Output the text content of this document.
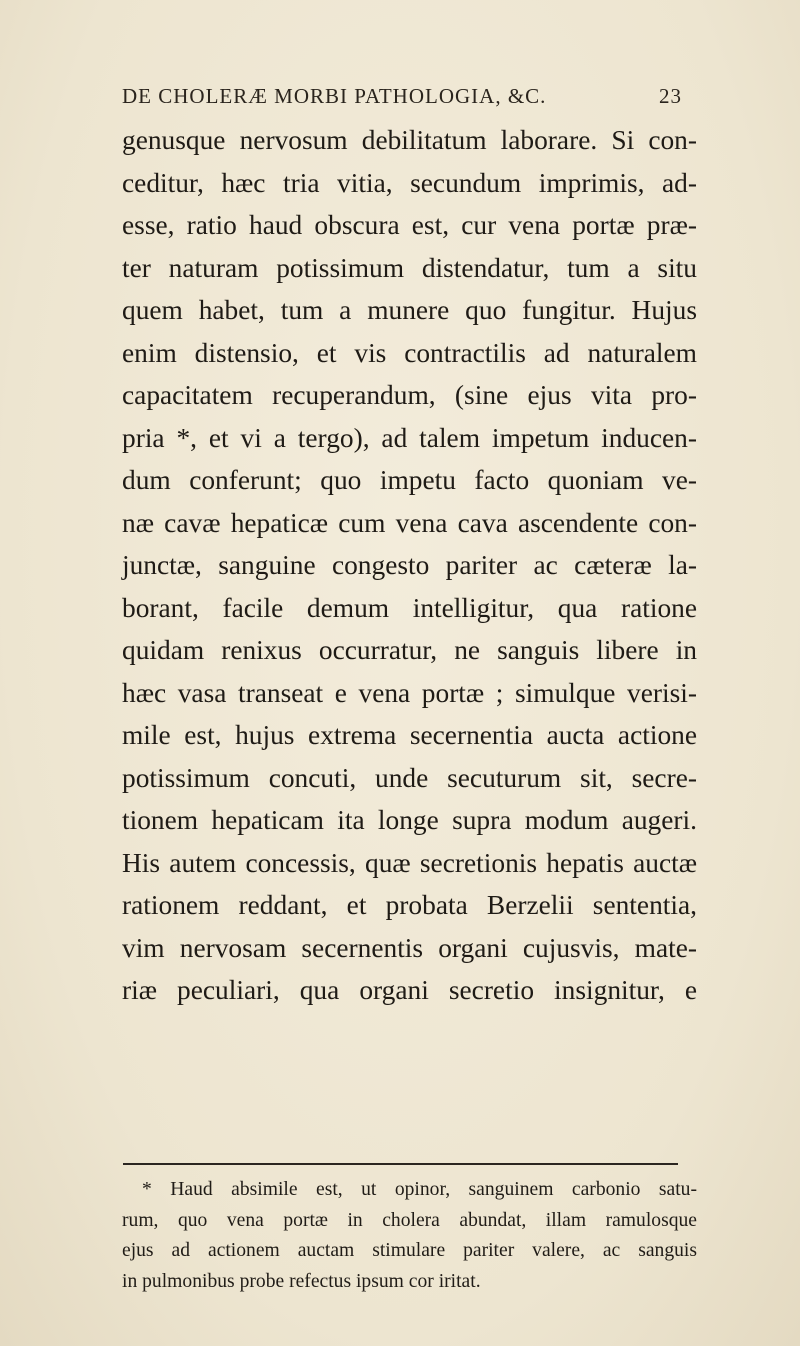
DE CHOLERÆ MORBI PATHOLOGIA, &C.	23
genusque nervosum debilitatum laborare. Si con-
ceditur, hæc tria vitia, secundum imprimis, ad-
esse, ratio haud obscura est, cur vena portæ præ-
ter naturam potissimum distendatur, tum a situ
quem habet, tum a munere quo fungitur. Hujus
enim distensio, et vis contractilis ad naturalem
capacitatem recuperandum, (sine ejus vita pro-
pria *, et vi a tergo), ad talem impetum inducen-
dum conferunt; quo impetu facto quoniam ve-
næ cavæ hepaticæ cum vena cava ascendente con-
junctæ, sanguine congesto pariter ac cæteræ la-
borant, facile demum intelligitur, qua ratione
quidam renixus occurratur, ne sanguis libere in
hæc vasa transeat e vena portæ ; simulque verisi-
mile est, hujus extrema secernentia aucta actione
potissimum concuti, unde secuturum sit, secre-
tionem hepaticam ita longe supra modum augeri.
His autem concessis, quæ secretionis hepatis auctæ
rationem reddant, et probata Berzelii sententia,
vim nervosam secernentis organi cujusvis, mate-
riæ peculiari, qua organi secretio insignitur, e
* Haud absimile est, ut opinor, sanguinem carbonio satu-
rum, quo vena portæ in cholera abundat, illam ramulosque
ejus ad actionem auctam stimulare pariter valere, ac sanguis
in pulmonibus probe refectus ipsum cor iritat.
